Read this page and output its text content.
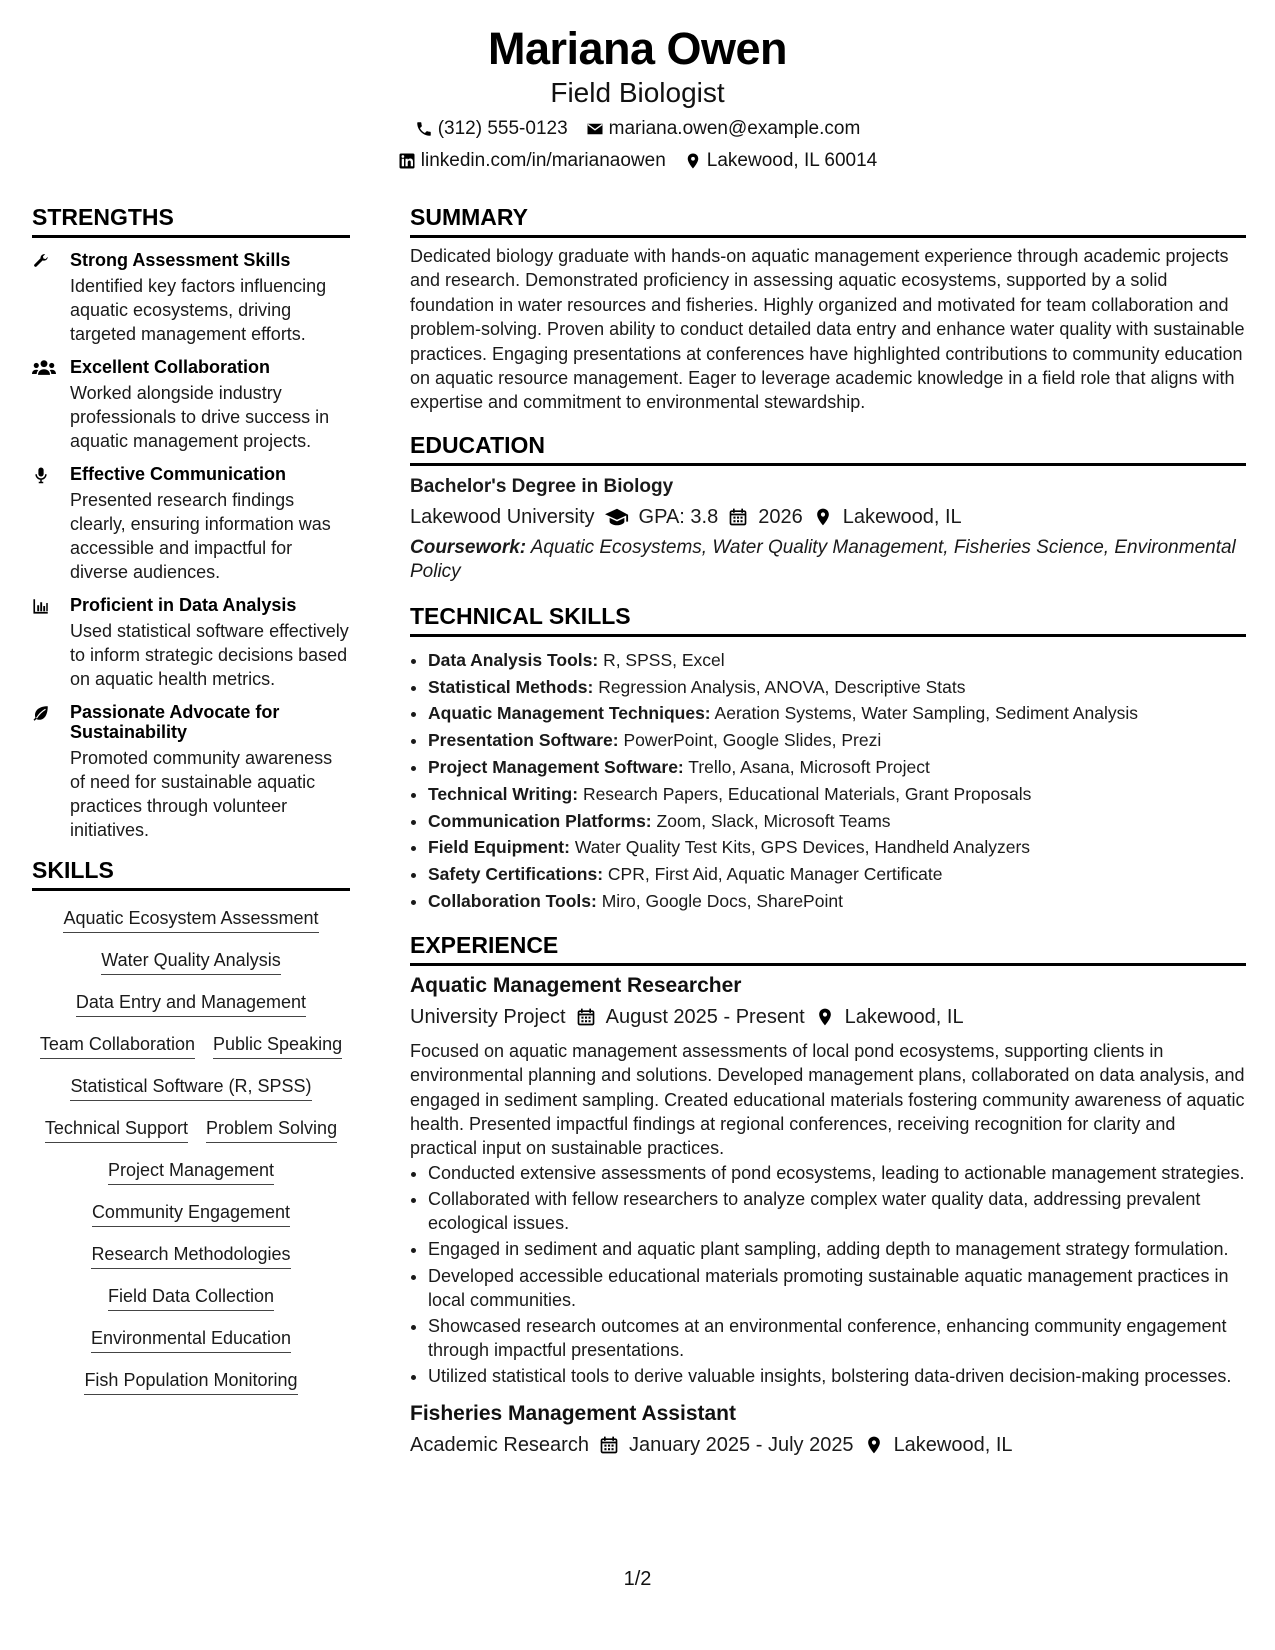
Mariana Owen
Field Biologist
(312) 555-0123 mariana.owen@example.com
linkedin.com/in/marianaowen Lakewood, IL 60014
STRENGTHS
Strong Assessment Skills
Identified key factors influencing aquatic ecosystems, driving targeted management efforts.
Excellent Collaboration
Worked alongside industry professionals to drive success in aquatic management projects.
Effective Communication
Presented research findings clearly, ensuring information was accessible and impactful for diverse audiences.
Proficient in Data Analysis
Used statistical software effectively to inform strategic decisions based on aquatic health metrics.
Passionate Advocate for Sustainability
Promoted community awareness of need for sustainable aquatic practices through volunteer initiatives.
SKILLS
Aquatic Ecosystem Assessment
Water Quality Analysis
Data Entry and Management
Team Collaboration Public Speaking
Statistical Software (R, SPSS)
Technical Support Problem Solving
Project Management
Community Engagement
Research Methodologies
Field Data Collection
Environmental Education
Fish Population Monitoring
SUMMARY
Dedicated biology graduate with hands-on aquatic management experience through academic projects and research. Demonstrated proficiency in assessing aquatic ecosystems, supported by a solid foundation in water resources and fisheries. Highly organized and motivated for team collaboration and problem-solving. Proven ability to conduct detailed data entry and enhance water quality with sustainable practices. Engaging presentations at conferences have highlighted contributions to community education on aquatic resource management. Eager to leverage academic knowledge in a field role that aligns with expertise and commitment to environmental stewardship.
EDUCATION
Bachelor's Degree in Biology
Lakewood University GPA: 3.8 2026 Lakewood, IL
Coursework: Aquatic Ecosystems, Water Quality Management, Fisheries Science, Environmental Policy
TECHNICAL SKILLS
• Data Analysis Tools: R, SPSS, Excel
• Statistical Methods: Regression Analysis, ANOVA, Descriptive Stats
• Aquatic Management Techniques: Aeration Systems, Water Sampling, Sediment Analysis
• Presentation Software: PowerPoint, Google Slides, Prezi
• Project Management Software: Trello, Asana, Microsoft Project
• Technical Writing: Research Papers, Educational Materials, Grant Proposals
• Communication Platforms: Zoom, Slack, Microsoft Teams
• Field Equipment: Water Quality Test Kits, GPS Devices, Handheld Analyzers
• Safety Certifications: CPR, First Aid, Aquatic Manager Certificate
• Collaboration Tools: Miro, Google Docs, SharePoint
EXPERIENCE
Aquatic Management Researcher
University Project August 2025 - Present Lakewood, IL
Focused on aquatic management assessments of local pond ecosystems, supporting clients in environmental planning and solutions. Developed management plans, collaborated on data analysis, and engaged in sediment sampling. Created educational materials fostering community awareness of aquatic health. Presented impactful findings at regional conferences, receiving recognition for clarity and practical input on sustainable practices.
• Conducted extensive assessments of pond ecosystems, leading to actionable management strategies.
• Collaborated with fellow researchers to analyze complex water quality data, addressing prevalent ecological issues.
• Engaged in sediment and aquatic plant sampling, adding depth to management strategy formulation.
• Developed accessible educational materials promoting sustainable aquatic management practices in local communities.
• Showcased research outcomes at an environmental conference, enhancing community engagement through impactful presentations.
• Utilized statistical tools to derive valuable insights, bolstering data-driven decision-making processes.
Fisheries Management Assistant
Academic Research January 2025 - July 2025 Lakewood, IL
1/2
